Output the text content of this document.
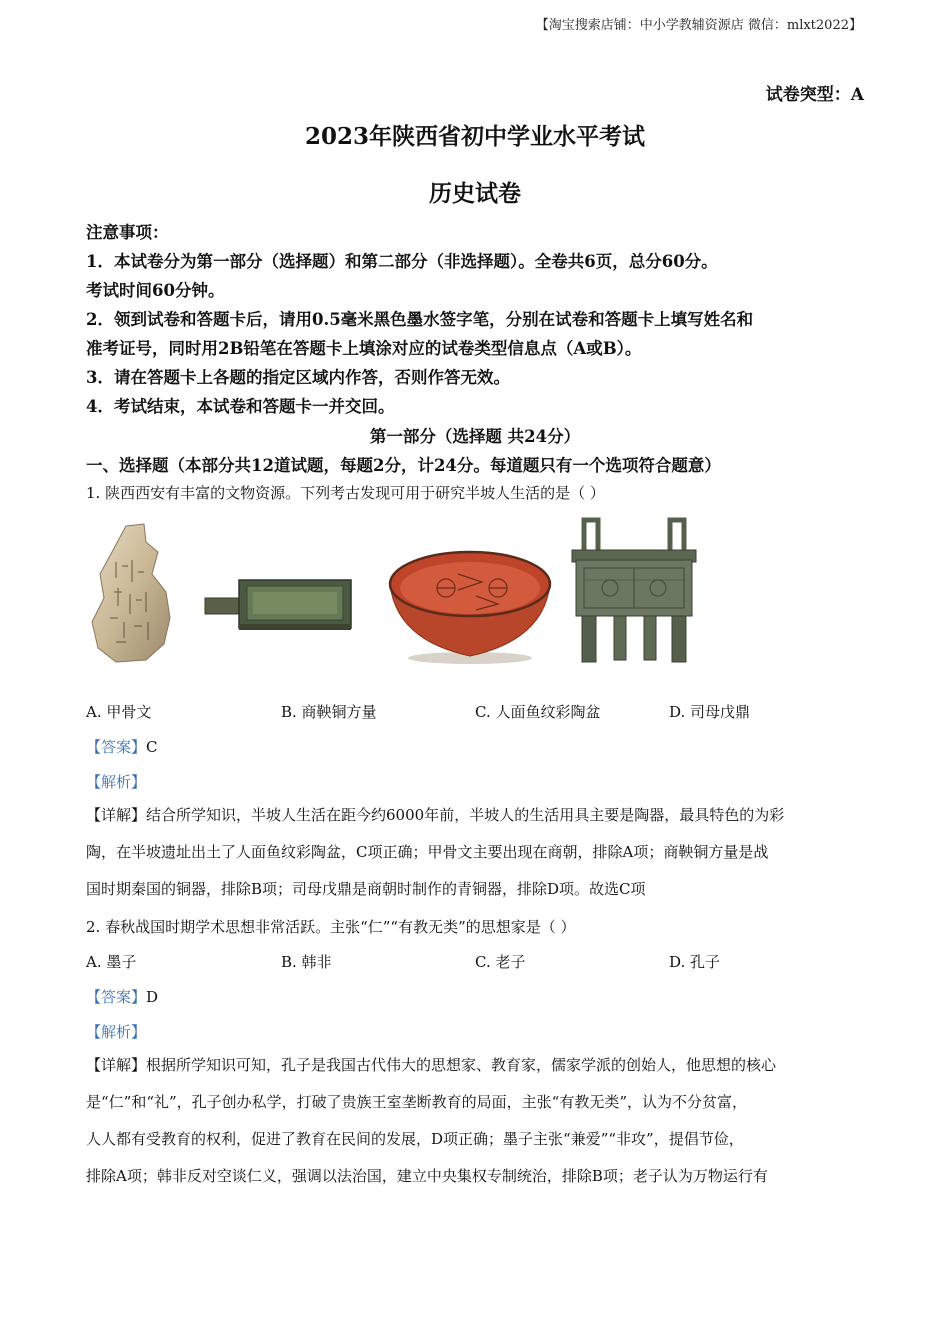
【淘宝搜索店铺：中小学教辅资源店 微信：mlxt2022】
试卷突型：A
2023年陕西省初中学业水平考试
历史试卷
注意事项：
1．本试卷分为第一部分（选择题）和第二部分（非选择题）。全卷共6页，总分60分。
考试时间60分钟。
2．领到试卷和答题卡后，请用0.5毫米黑色墨水签字笔，分别在试卷和答题卡上填写姓名和
准考证号，同时用2B铅笔在答题卡上填涂对应的试卷类型信息点（A或B）。
3．请在答题卡上各题的指定区域内作答，否则作答无效。
4．考试结束，本试卷和答题卡一并交回。
第一部分（选择题 共24分）
一、选择题（本部分共12道试题，每题2分，计24分。每道题只有一个选项符合题意）
1. 陕西西安有丰富的文物资源。下列考古发现可用于研究半坡人生活的是（ ）
A. 甲骨文	B. 商鞅铜方量	C. 人面鱼纹彩陶盆	D. 司母戊鼎
【答案】C
【解析】
【详解】结合所学知识，半坡人生活在距今约6000年前，半坡人的生活用具主要是陶器，最具特色的为彩
陶，在半坡遗址出土了人面鱼纹彩陶盆，C项正确；甲骨文主要出现在商朝，排除A项；商鞅铜方量是战
国时期秦国的铜器，排除B项；司母戊鼎是商朝时制作的青铜器，排除D项。故选C项
2. 春秋战国时期学术思想非常活跃。主张“仁”“有教无类”的思想家是（ ）
A. 墨子	B. 韩非	C. 老子	D. 孔子
【答案】D
【解析】
【详解】根据所学知识可知，孔子是我国古代伟大的思想家、教育家，儒家学派的创始人，他思想的核心
是“仁”和“礼”，孔子创办私学，打破了贵族王室垄断教育的局面，主张“有教无类”，认为不分贫富，
人人都有受教育的权利，促进了教育在民间的发展，D项正确；墨子主张“兼爱”“非攻”，提倡节俭，
排除A项；韩非反对空谈仁义，强调以法治国，建立中央集权专制统治，排除B项；老子认为万物运行有
